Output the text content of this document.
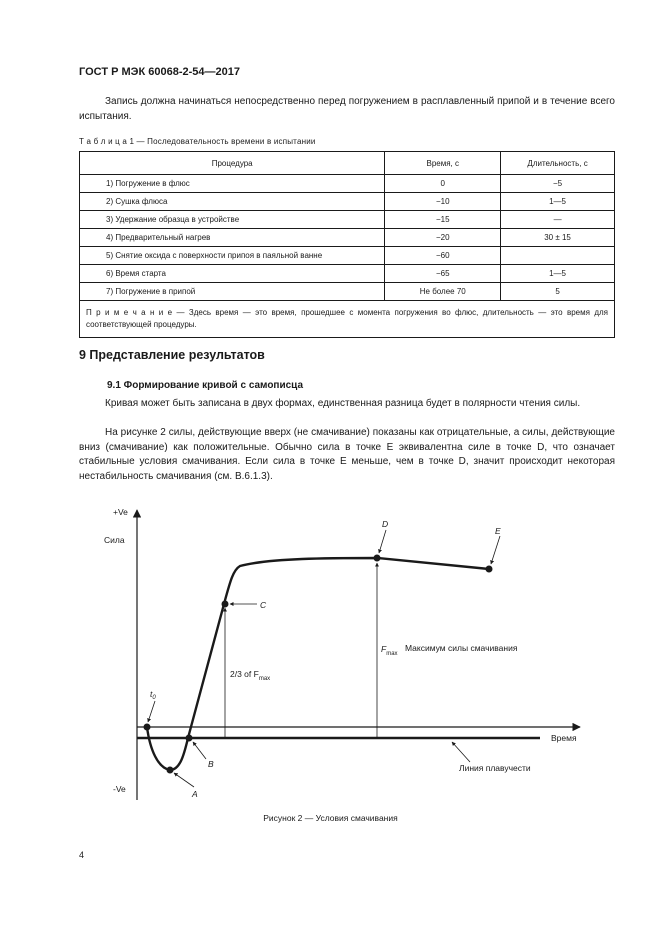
ГОСТ Р МЭК 60068-2-54—2017
Запись должна начинаться непосредственно перед погружением в расплавленный припой и в течение всего испытания.
Т а б л и ц а 1 — Последовательность времени в испытании
Процедура	Время, с	Длительность, с
1) Погружение в флюс	0	−5
2) Сушка флюса	−10	1—5
3) Удержание образца в устройстве	−15	—
4) Предварительный нагрев	−20	30 ± 15
5) Снятие оксида с поверхности припоя в паяльной ванне	−60	
6) Время старта	−65	1—5
7) Погружение в припой	Не более 70	5
П р и м е ч а н и е — Здесь время — это время, прошедшее с момента погружения во флюс, длительность — это время для соответствующей процедуры.		
9 Представление результатов
9.1 Формирование кривой с самописца
Кривая может быть записана в двух формах, единственная разница будет в полярности чтения силы.
На рисунке 2 силы, действующие вверх (не смачивание) показаны как отрицательные, а силы, действующие вниз (смачивание) как положительные. Обычно сила в точке E эквивалентна силе в точке D, что означает стабильные условия смачивания. Если сила в точке E меньше, чем в точке D, значит происходит некоторая нестабильность смачивания (см. В.6.1.3).
+Ve
Сила
-Ve
Время
Линия плавучести
$t_0$
A
B
C
D
E
2/3 of $F_{max}$
$F_{max}$
Максимум силы смачивания
Рисунок 2 — Условия смачивания
4
